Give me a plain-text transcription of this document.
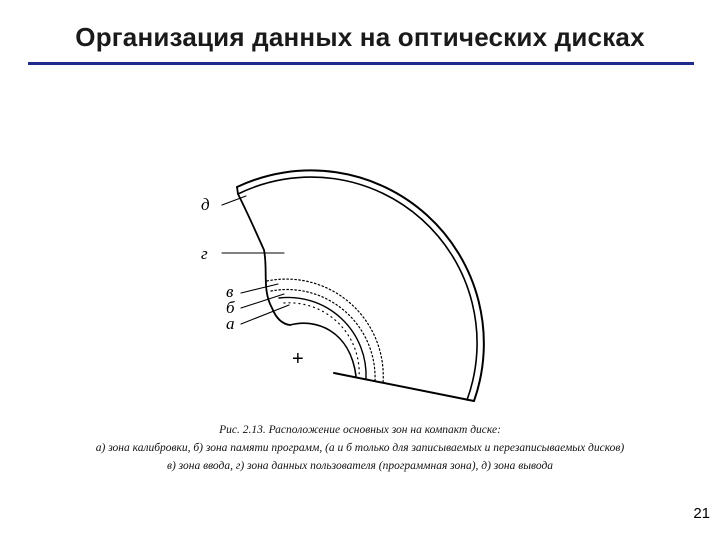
Организация данных на оптических дисках
д
г
в
б
а
+
Рис. 2.13. Расположение основных зон на компакт диске:
а) зона калибровки, б) зона памяти программ, (а и б только для записываемых и перезаписываемых дисков)
в) зона ввода, г) зона данных пользователя (программная зона), д) зона вывода
21
